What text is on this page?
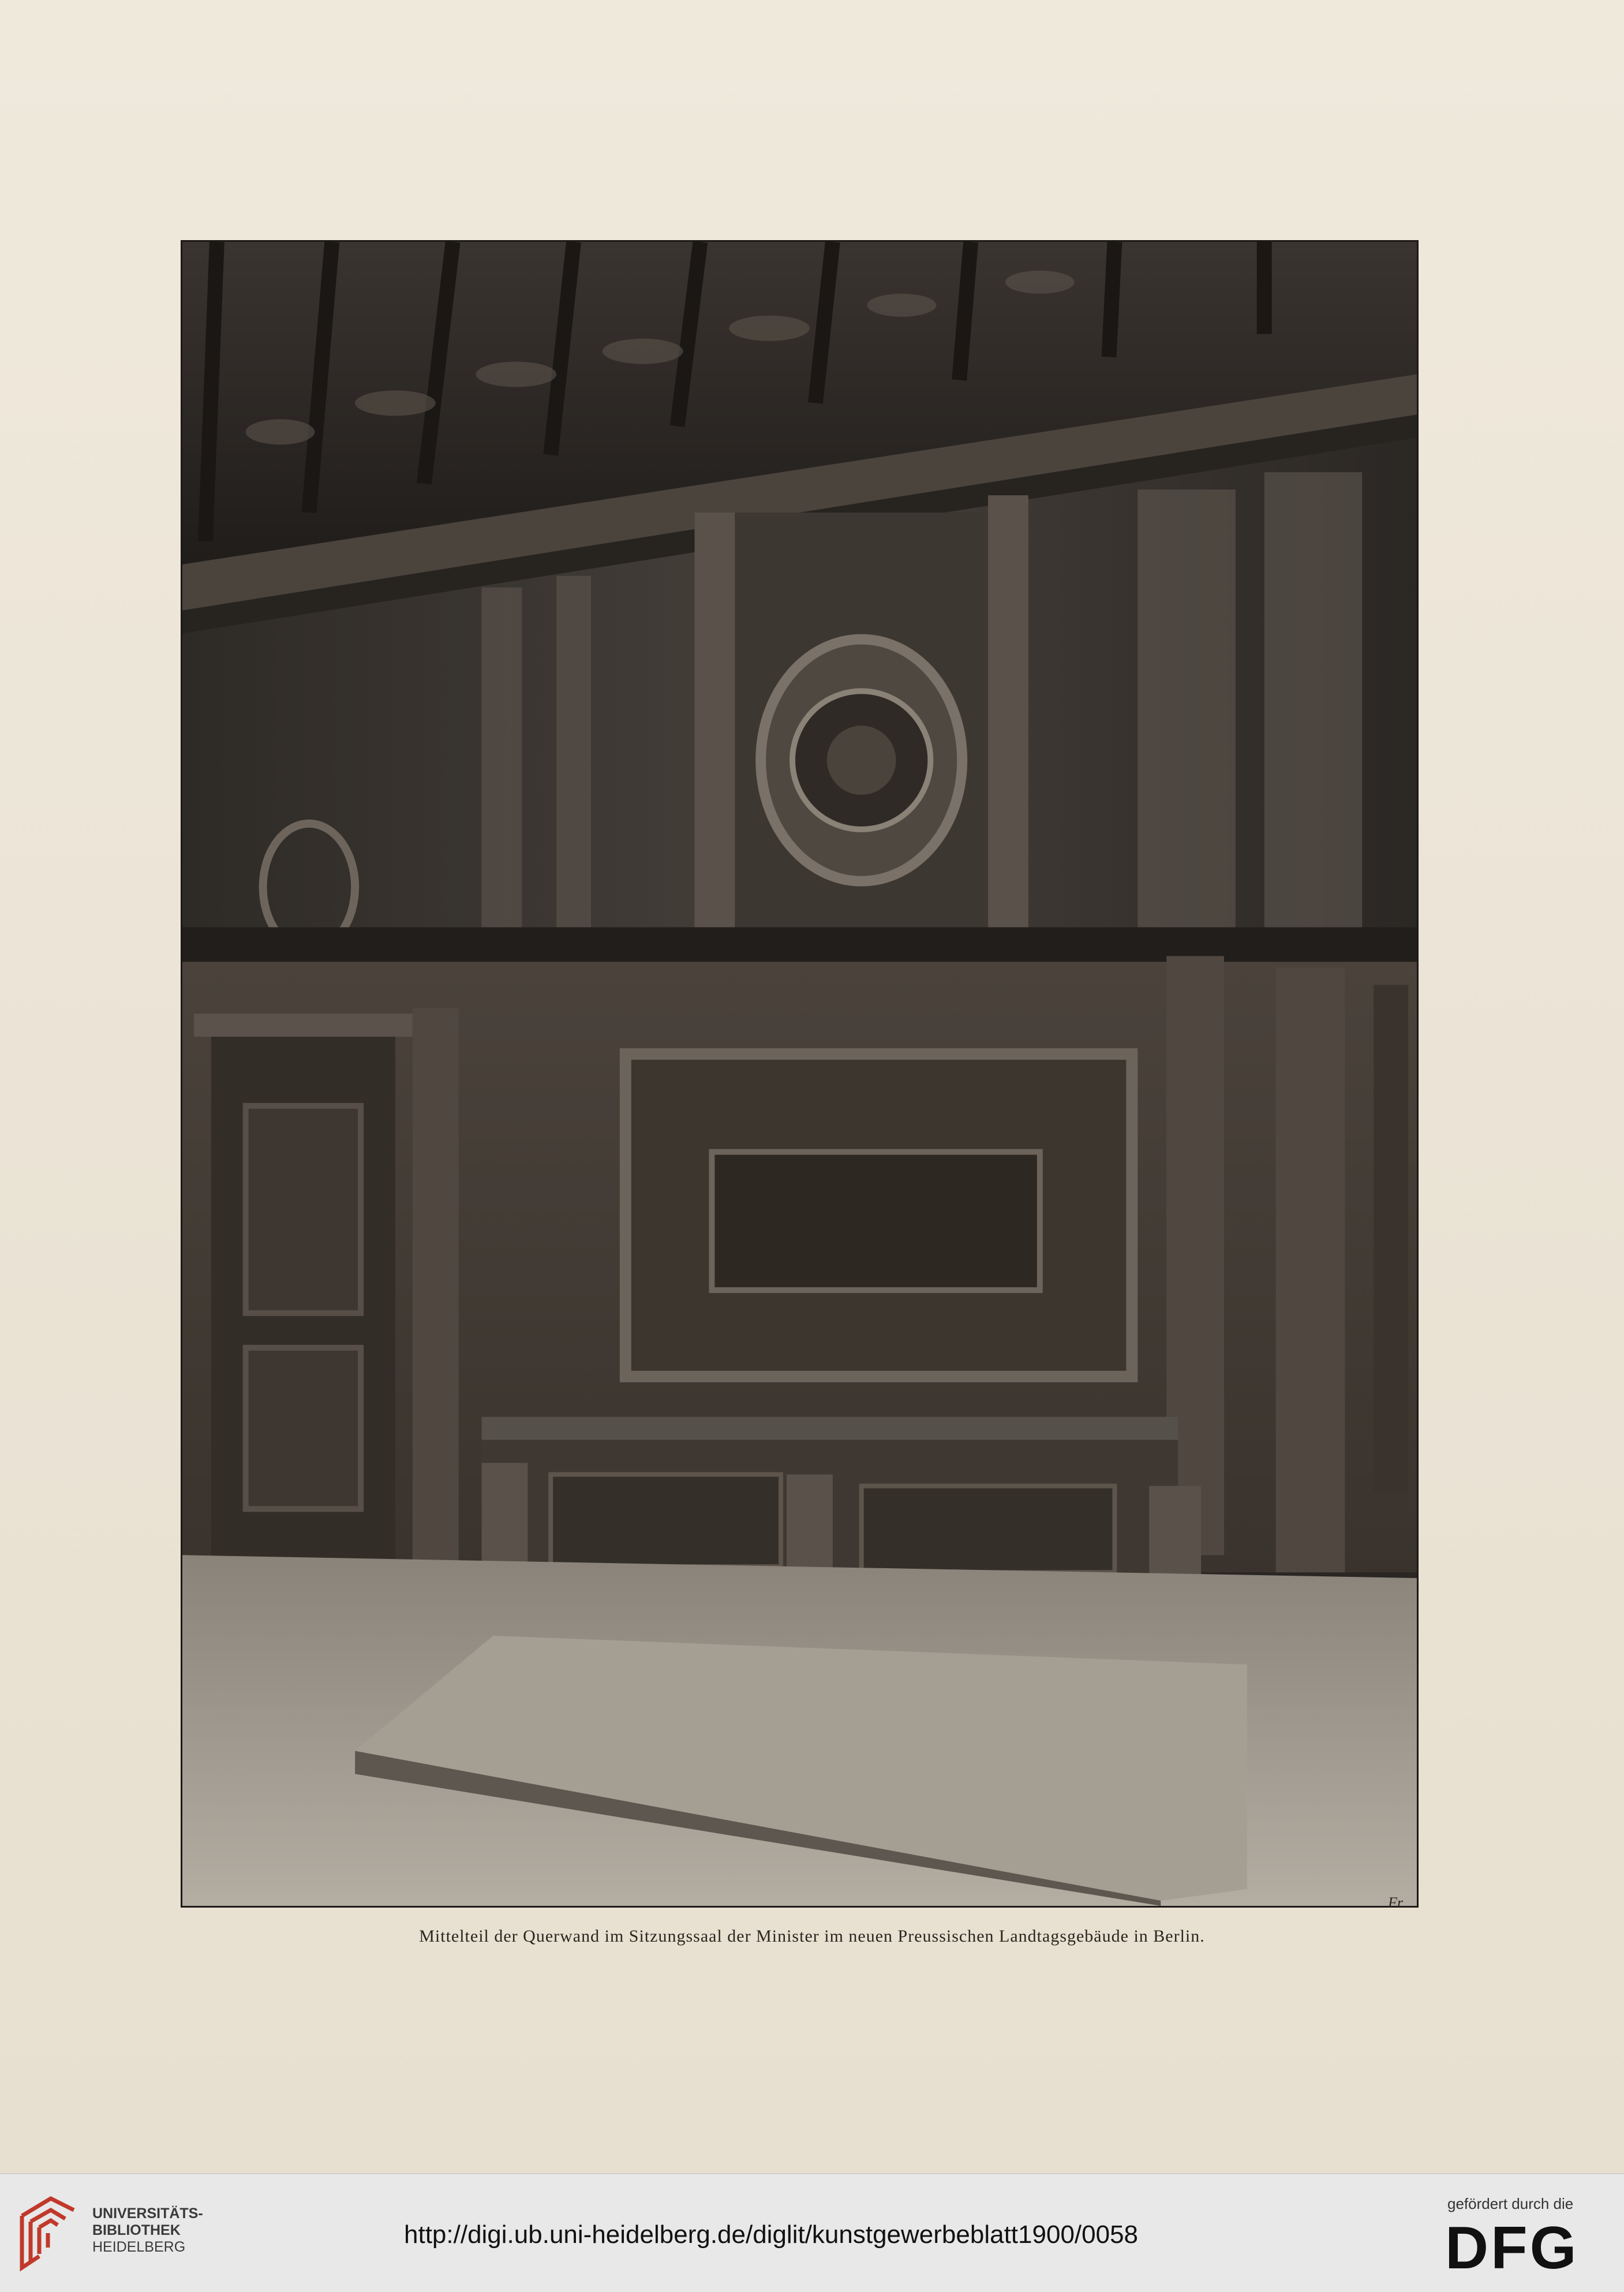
Fr
Mittelteil der Querwand im Sitzungssaal der Minister im neuen Preussischen Landtagsgebäude in Berlin.
UNIVERSITÄTS-
BIBLIOTHEK
HEIDELBERG	http://digi.ub.uni-heidelberg.de/diglit/kunstgewerbeblatt1900/0058
gefördert durch die
DFG
